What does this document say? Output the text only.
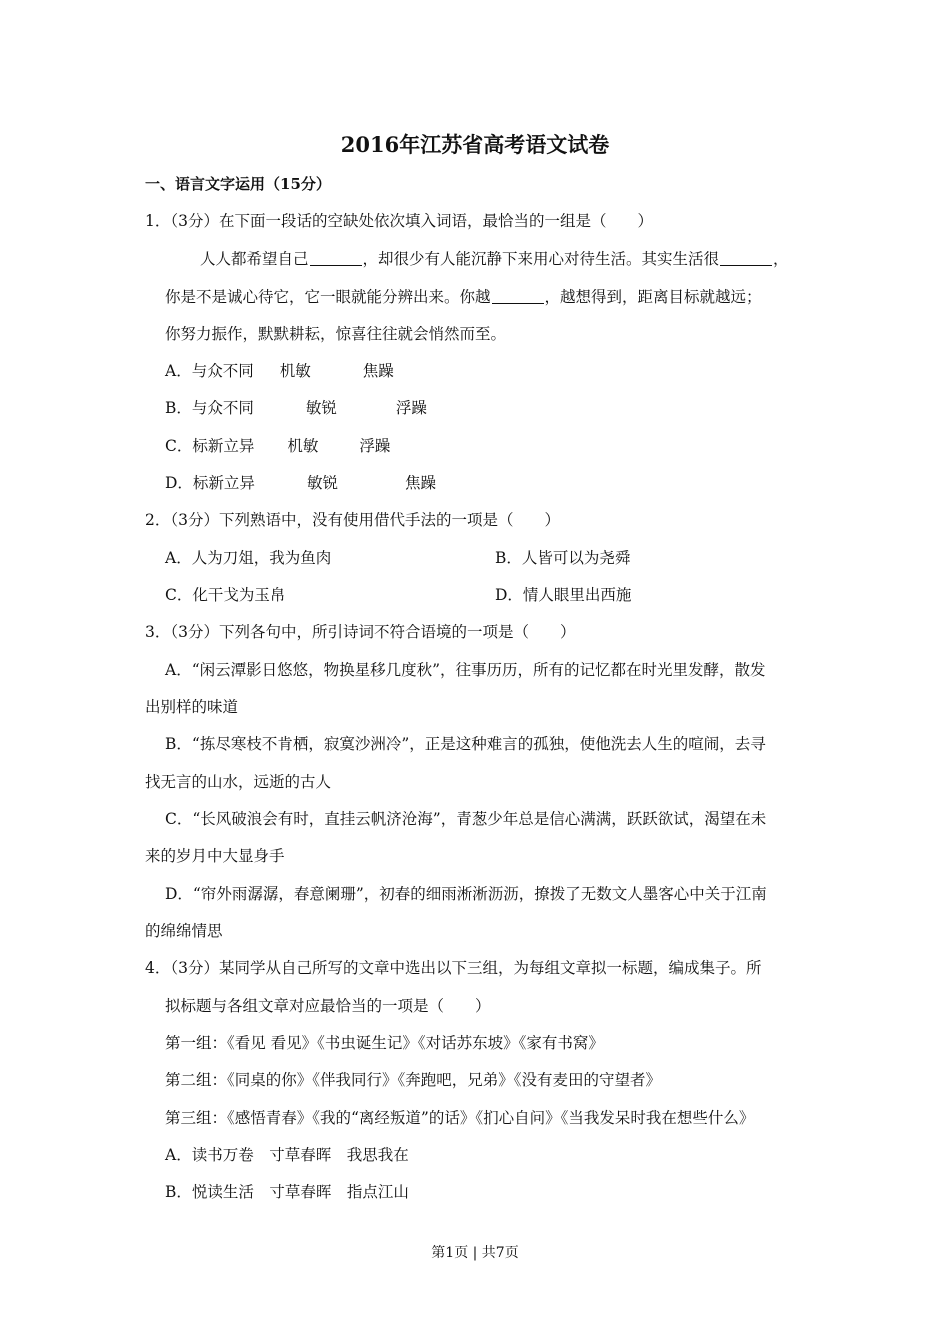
2016年江苏省高考语文试卷
一、语言文字运用（15分）
1．（3分）在下面一段话的空缺处依次填入词语，最恰当的一组是（　　）
人人都希望自己	，却很少有人能沉静下来用心对待生活。其实生活很	，
你是不是诚心待它，它一眼就能分辨出来。你越	，越想得到，距离目标就越远；
你努力振作，默默耕耘，惊喜往往就会悄然而至。
A．与众不同 机敏	焦躁
B．与众不同	敏锐	浮躁
C．标新立异 机敏	浮躁
D．标新立异	敏锐	焦躁
2．（3分）下列熟语中，没有使用借代手法的一项是（　　）
A．人为刀俎，我为鱼肉	B．人皆可以为尧舜
C．化干戈为玉帛	D．情人眼里出西施
3．（3分）下列各句中，所引诗词不符合语境的一项是（　　）
A．“闲云潭影日悠悠，物换星移几度秋”，往事历历，所有的记忆都在时光里发酵，散发
出别样的味道
B．“拣尽寒枝不肯栖，寂寞沙洲冷”，正是这种难言的孤独，使他洗去人生的喧闹，去寻
找无言的山水，远逝的古人
C．“长风破浪会有时，直挂云帆济沧海”，青葱少年总是信心满满，跃跃欲试，渴望在未
来的岁月中大显身手
D．“帘外雨潺潺，春意阑珊”，初春的细雨淅淅沥沥，撩拨了无数文人墨客心中关于江南
的绵绵情思
4．（3分）某同学从自己所写的文章中选出以下三组，为每组文章拟一标题，编成集子。所
拟标题与各组文章对应最恰当的一项是（　　）
第一组：《看见 看见》《书虫诞生记》《对话苏东坡》《家有书窝》
第二组：《同桌的你》《伴我同行》《奔跑吧，兄弟》《没有麦田的守望者》
第三组：《感悟青春》《我的“离经叛道”的话》《扪心自问》《当我发呆时我在想些什么》
A．读书万卷　寸草春晖　我思我在
B．悦读生活　寸草春晖　指点江山
第1页 | 共7页
